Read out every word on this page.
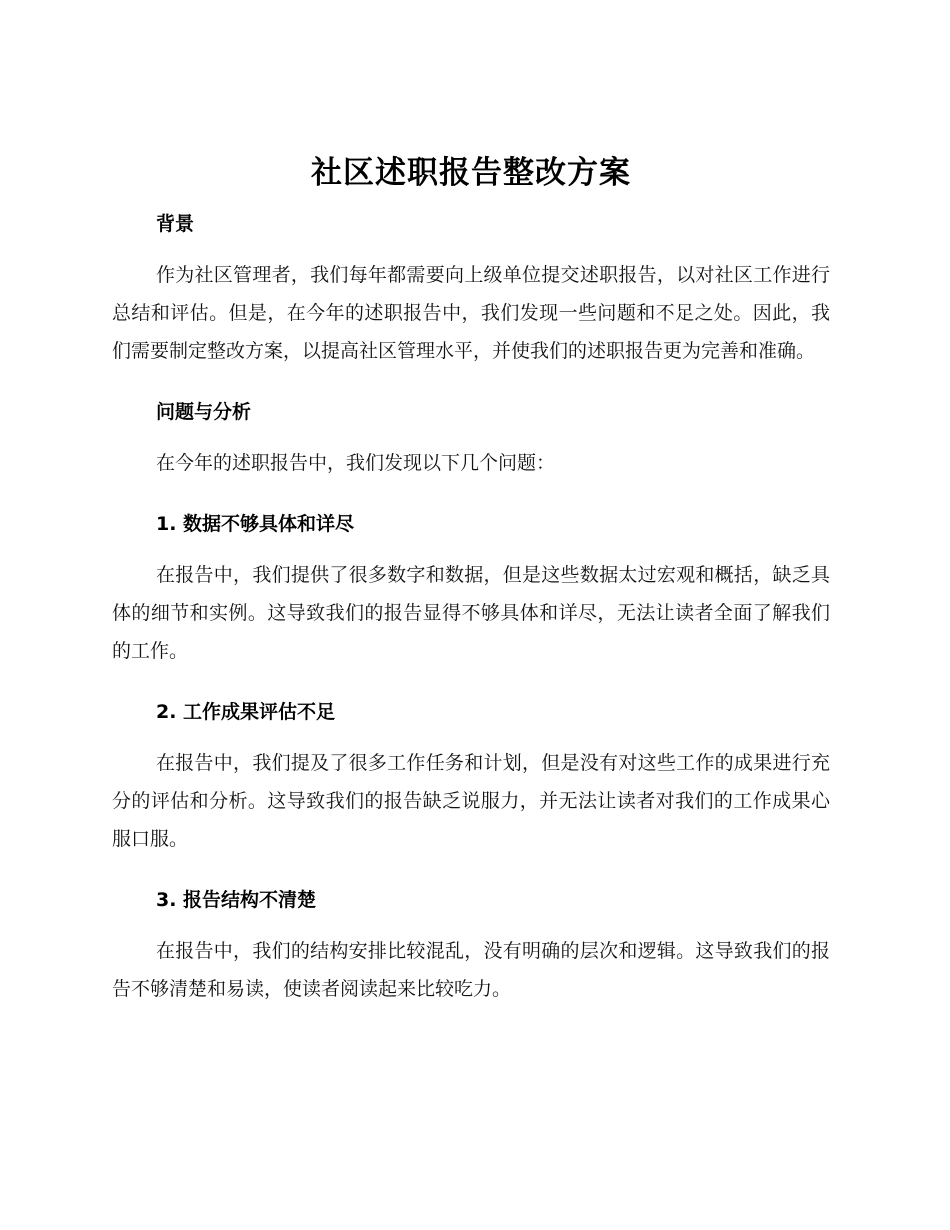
社区述职报告整改方案
背景

作为社区管理者，我们每年都需要向上级单位提交述职报告，以对社区工作进行总结和评估。但是，在今年的述职报告中，我们发现一些问题和不足之处。因此，我们需要制定整改方案，以提高社区管理水平，并使我们的述职报告更为完善和准确。

问题与分析

在今年的述职报告中，我们发现以下几个问题：

1. 数据不够具体和详尽

在报告中，我们提供了很多数字和数据，但是这些数据太过宏观和概括，缺乏具体的细节和实例。这导致我们的报告显得不够具体和详尽，无法让读者全面了解我们的工作。

2. 工作成果评估不足

在报告中，我们提及了很多工作任务和计划，但是没有对这些工作的成果进行充分的评估和分析。这导致我们的报告缺乏说服力，并无法让读者对我们的工作成果心服口服。

3. 报告结构不清楚

在报告中，我们的结构安排比较混乱，没有明确的层次和逻辑。这导致我们的报告不够清楚和易读，使读者阅读起来比较吃力。
